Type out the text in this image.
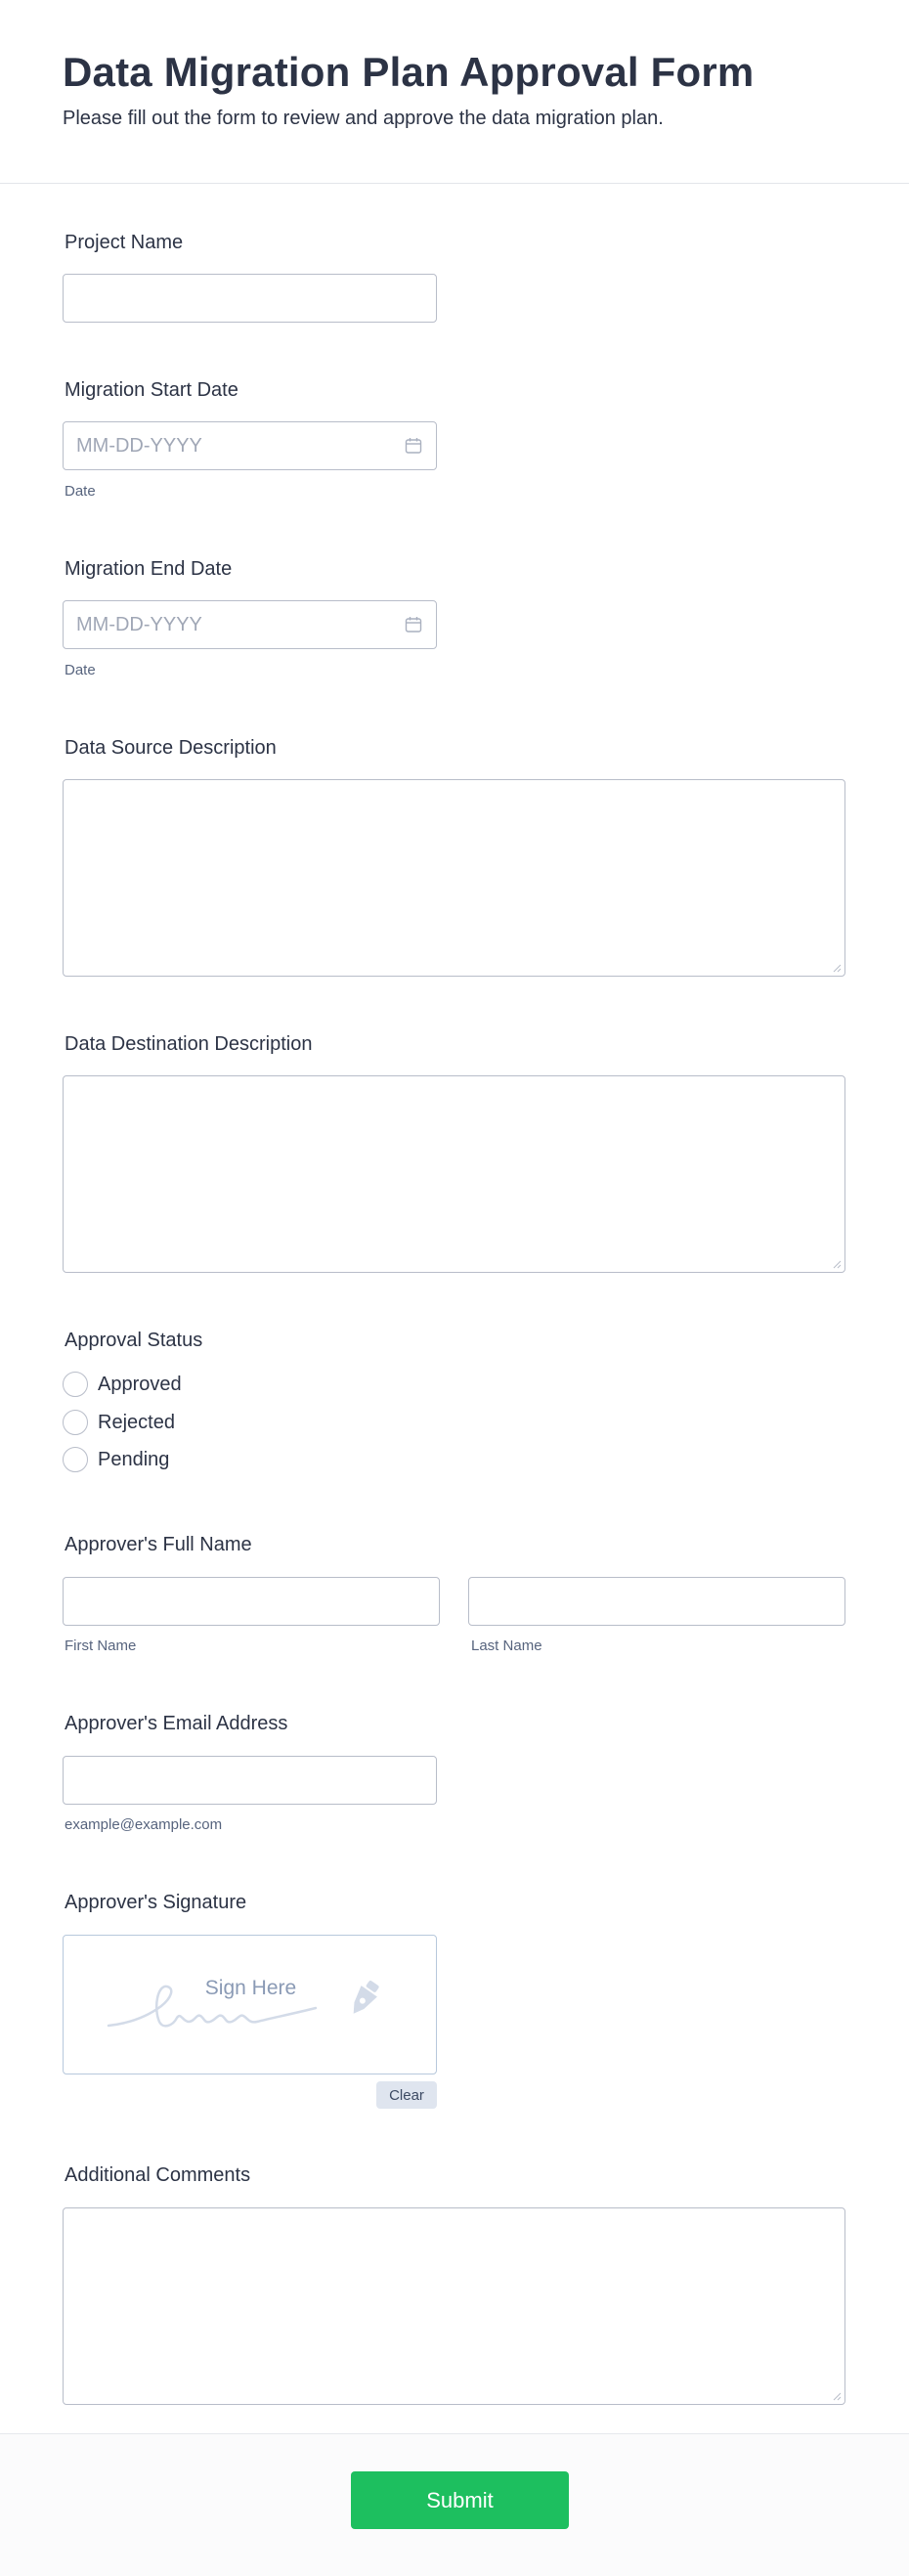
Data Migration Plan Approval Form

Please fill out the form to review and approve the data migration plan.

Project Name
Migration Start Date
MM-DD-YYYY
Date
Migration End Date
MM-DD-YYYY
Date
Data Source Description
Data Destination Description
Approval Status
Approved
Rejected
Pending
Approver's Full Name
First Name	Last Name
Approver's Email Address
example@example.com
Approver's Signature
Sign Here
Clear
Additional Comments
Submit
